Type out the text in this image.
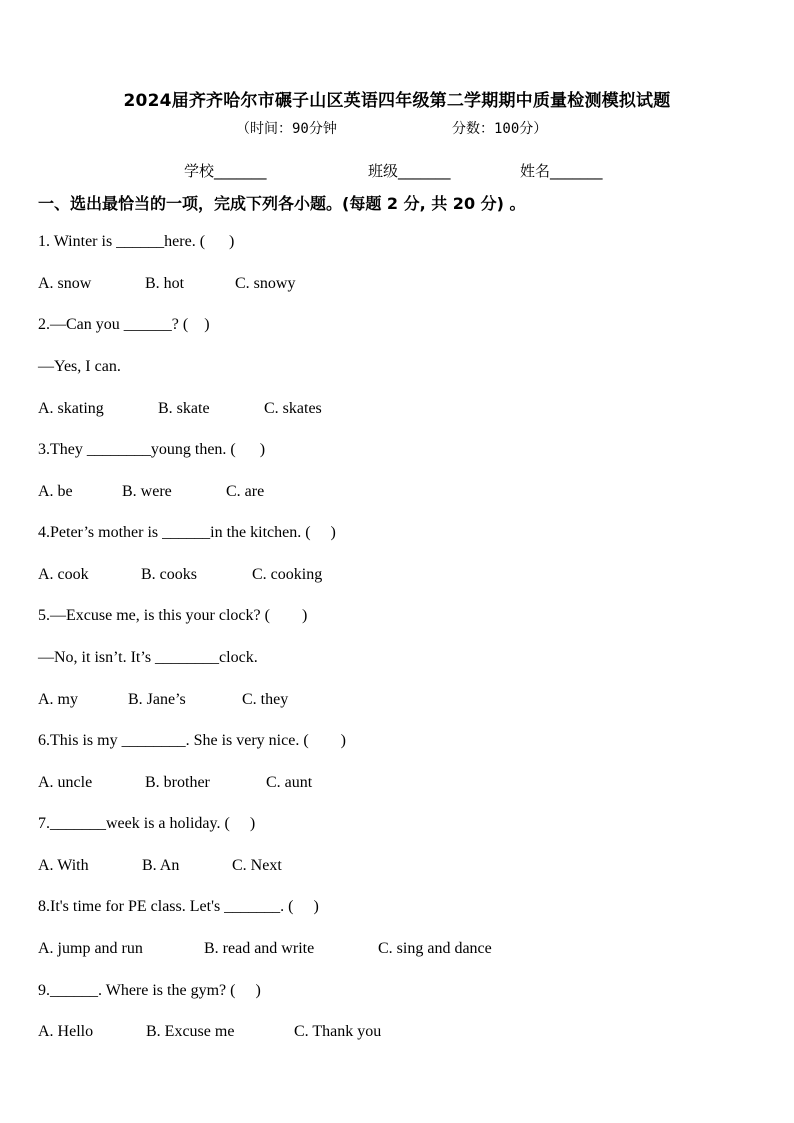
2024届齐齐哈尔市碾子山区英语四年级第二学期期中质量检测模拟试题
（时间：90分钟	分数：100分）
学校_______	班级_______	姓名_______
一、选出最恰当的一项，完成下列各小题。(每题 2 分, 共 20 分) 。
1. Winter is ______here. (      )
A. snow	B. hot	C. snowy
2.—Can you ______? (    )
—Yes, I can.
A. skating	B. skate	C. skates
3.They ________young then. (      )
A. be	B. were	C. are
4.Peter’s mother is ______in the kitchen. (     )
A. cook	B. cooks	C. cooking
5.—Excuse me, is this your clock? (        )
—No, it isn’t. It’s ________clock.
A. my	B. Jane’s	C. they
6.This is my ________. She is very nice. (        )
A. uncle	B. brother	C. aunt
7._______week is a holiday. (     )
A. With	B. An	C. Next
8.It's time for PE class. Let's _______. (     )
A. jump and run	B. read and write	C. sing and dance
9.______. Where is the gym? (     )
A. Hello	B. Excuse me	C. Thank you
